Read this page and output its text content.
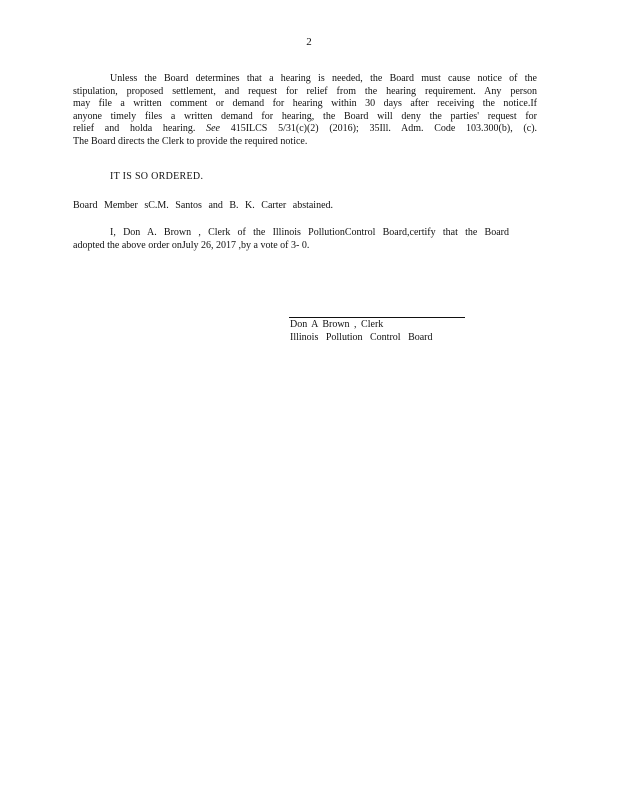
2
Unless the Board determines that a hearing is needed, the Board must cause notice of the
stipulation, proposed settlement, and request for relief from the hearing requirement. Any person
may file a written comment or demand for hearing within 30 days after receiving the notice.If
anyone timely files a written demand for hearing, the Board will deny the parties' request for
relief and holda hearing. See 415ILCS 5/31(c)(2) (2016); 35Ill. Adm. Code 103.300(b), (c).
The Board directs the Clerk to provide the required notice.
IT IS SO ORDERED.
Board Member sC.M. Santos and B. K. Carter abstained.
I, Don A. Brown , Clerk of the Illinois PollutionControl Board,certify that the Board
adopted the above order onJuly 26, 2017 ,by a vote of 3- 0.
Don A Brown , Clerk
Illinois Pollution Control Board
